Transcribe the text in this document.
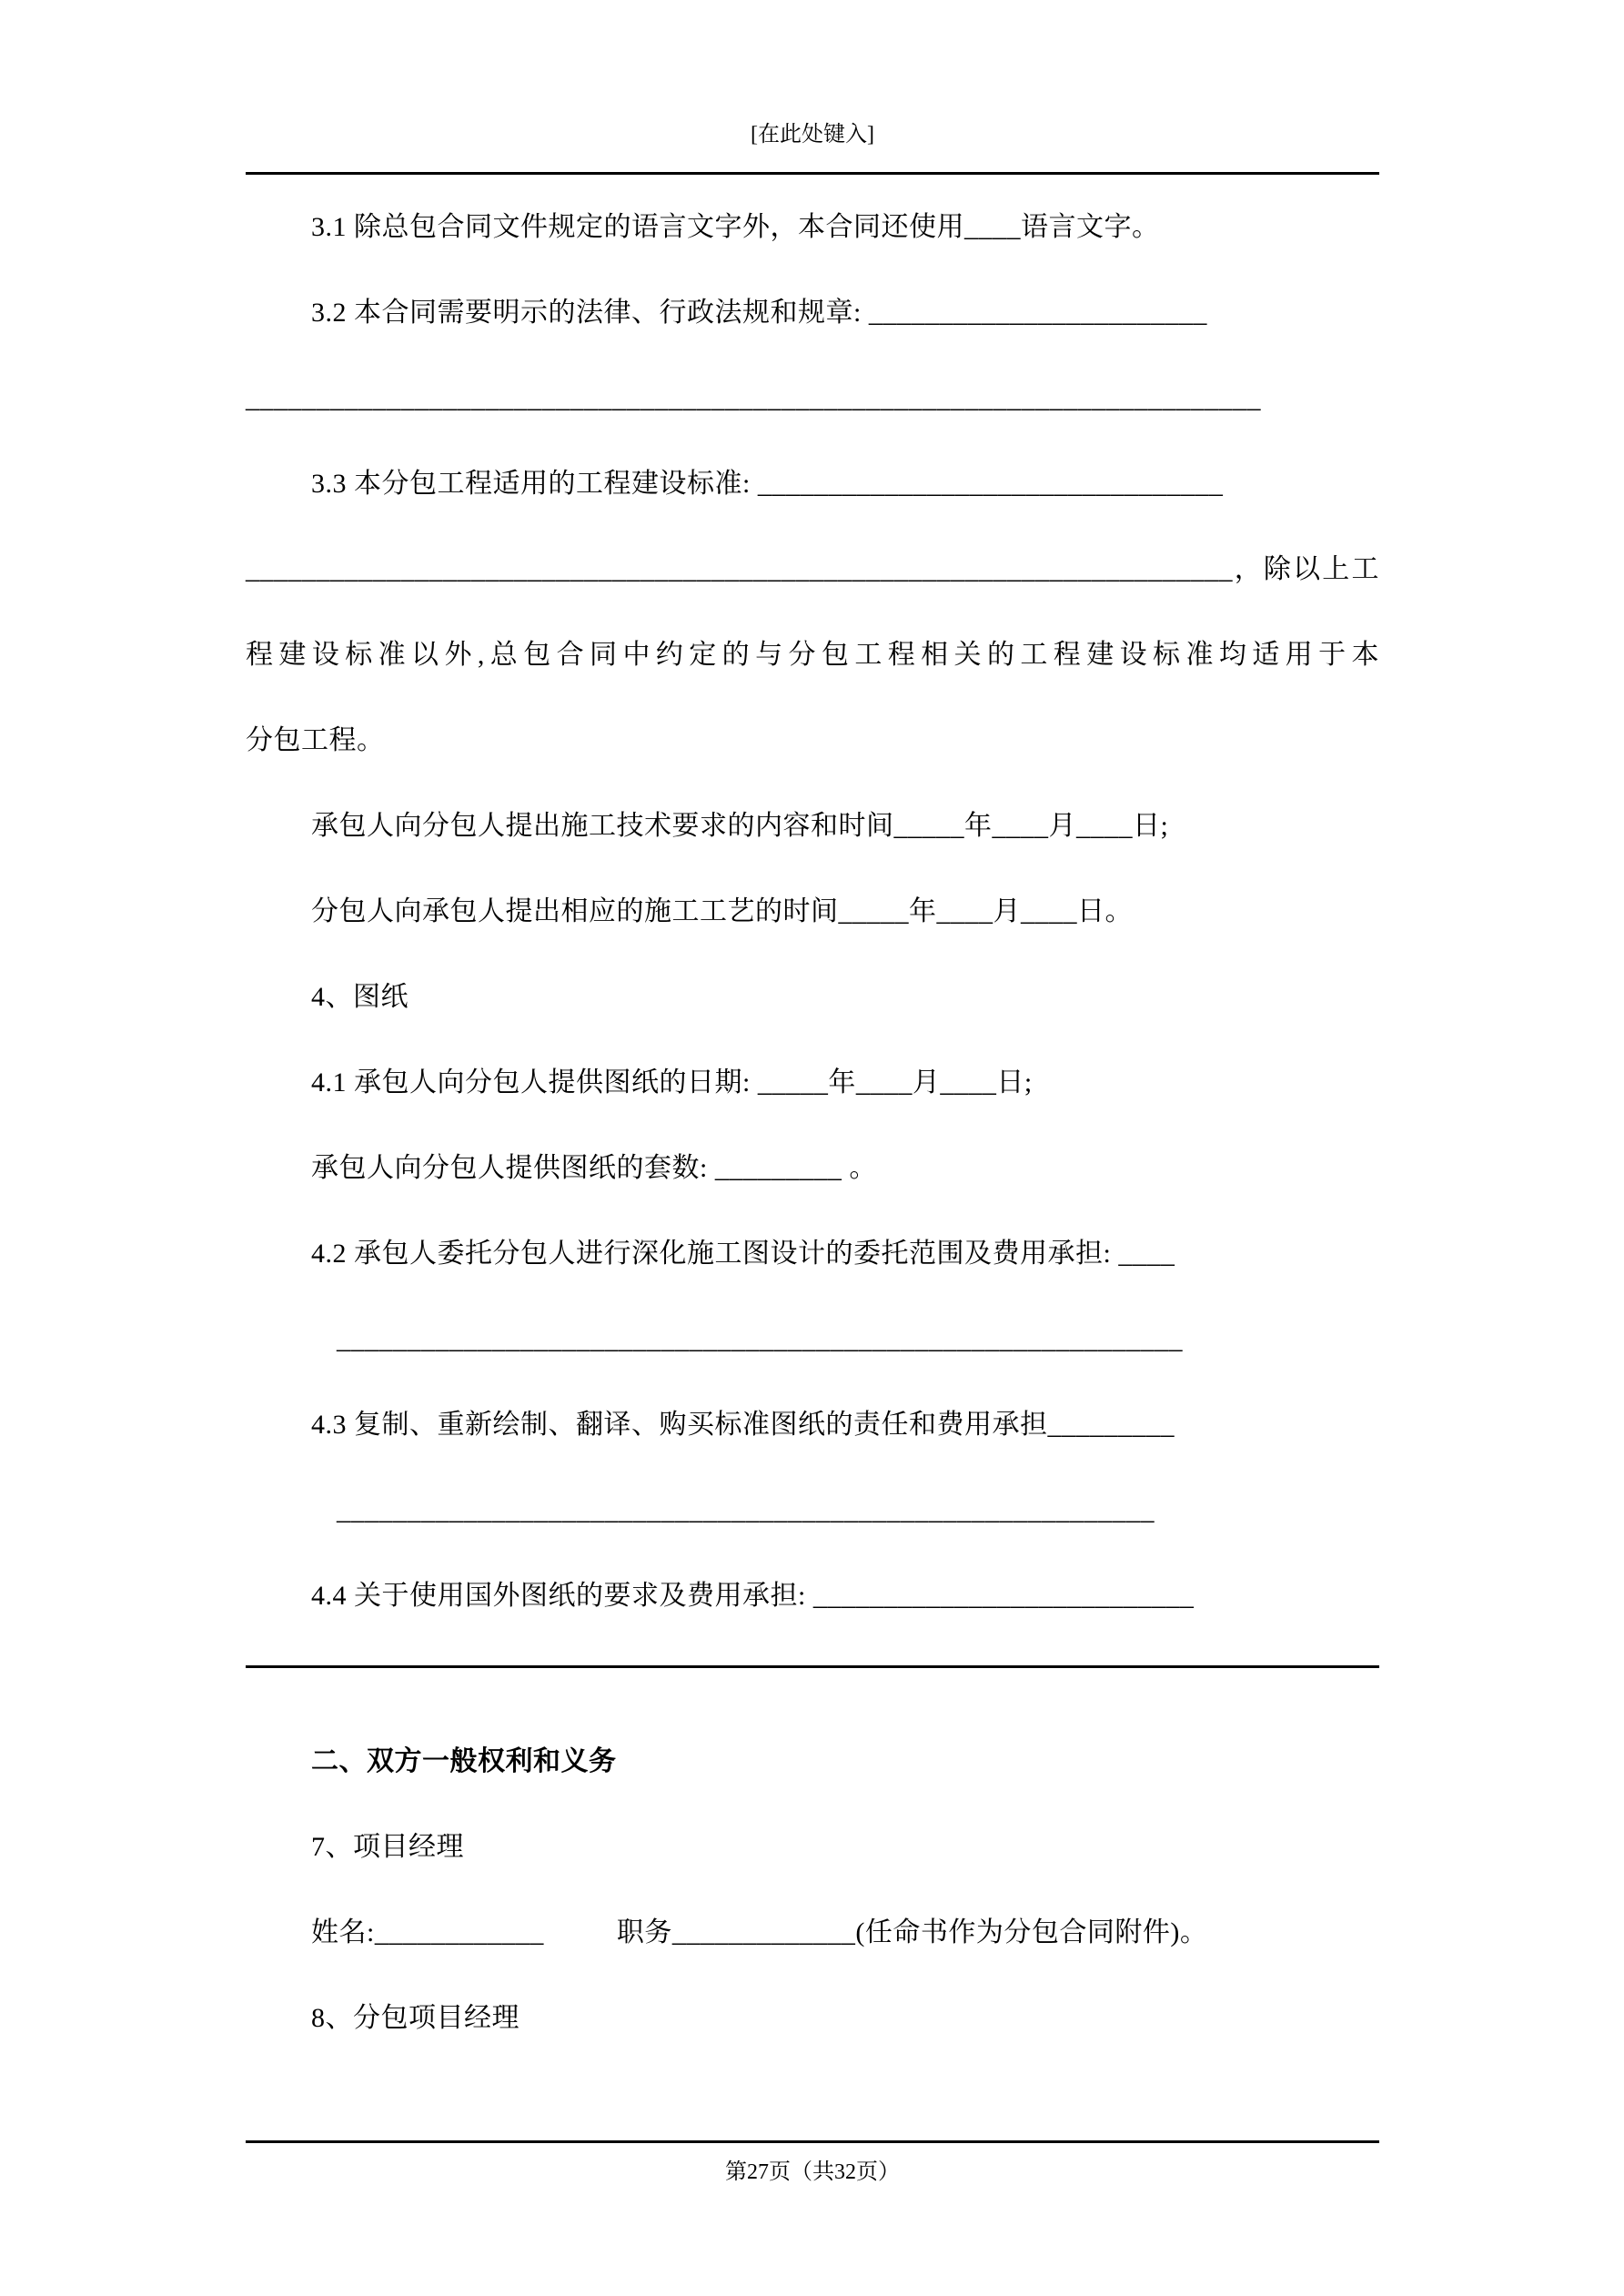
[在此处键入]
3.1 除总包合同文件规定的语言文字外，本合同还使用____语言文字。
3.2 本合同需要明示的法律、行政法规和规章: ________________________
________________________________________________________________________
3.3 本分包工程适用的工程建设标准: _________________________________
______________________________________________________________________，除以上工
程建设标准以外,总包合同中约定的与分包工程相关的工程建设标准均适用于本
分包工程。
承包人向分包人提出施工技术要求的内容和时间_____年____月____日;
分包人向承包人提出相应的施工工艺的时间_____年____月____日。
4、图纸
4.1 承包人向分包人提供图纸的日期: _____年____月____日;
承包人向分包人提供图纸的套数: _________ 。
4.2 承包人委托分包人进行深化施工图设计的委托范围及费用承担: ____
____________________________________________________________
4.3 复制、重新绘制、翻译、购买标准图纸的责任和费用承担_________
__________________________________________________________
4.4 关于使用国外图纸的要求及费用承担: ___________________________
二、双方一般权利和义务
7、项目经理
姓名:____________          职务_____________(任命书作为分包合同附件)。
8、分包项目经理
第27页（共32页）
